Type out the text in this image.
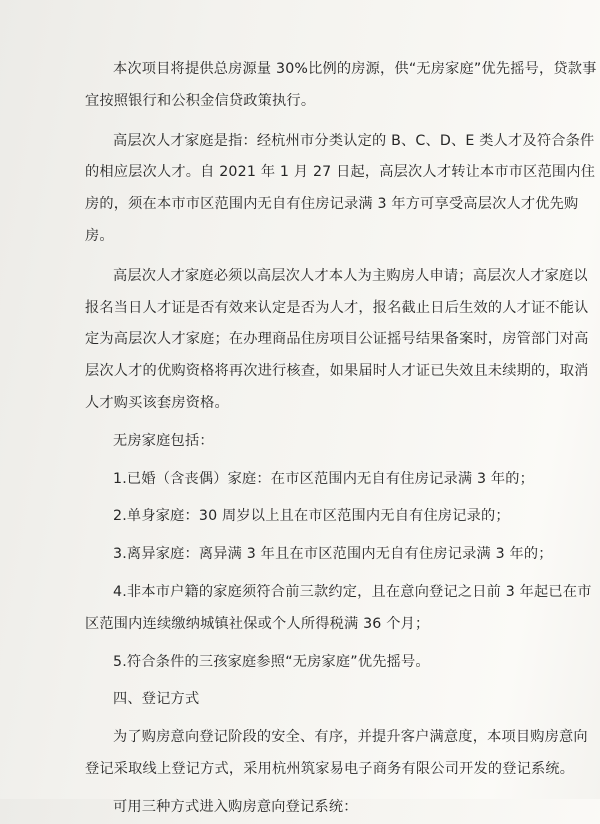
本次项目将提供总房源量 30%比例的房源，供“无房家庭”优先摇号，贷款事
宜按照银行和公积金信贷政策执行。

高层次人才家庭是指：经杭州市分类认定的 B、C、D、E 类人才及符合条件
的相应层次人才。自 2021 年 1 月 27 日起，高层次人才转让本市市区范围内住
房的，须在本市市区范围内无自有住房记录满 3 年方可享受高层次人才优先购
房。

高层次人才家庭必须以高层次人才本人为主购房人申请；高层次人才家庭以
报名当日人才证是否有效来认定是否为人才，报名截止日后生效的人才证不能认
定为高层次人才家庭；在办理商品住房项目公证摇号结果备案时，房管部门对高
层次人才的优购资格将再次进行核查，如果届时人才证已失效且未续期的，取消
人才购买该套房资格。

无房家庭包括：

1.已婚（含丧偶）家庭：在市区范围内无自有住房记录满 3 年的；

2.单身家庭：30 周岁以上且在市区范围内无自有住房记录的；

3.离异家庭：离异满 3 年且在市区范围内无自有住房记录满 3 年的；

4.非本市户籍的家庭须符合前三款约定，且在意向登记之日前 3 年起已在市
区范围内连续缴纳城镇社保或个人所得税满 36 个月；

5.符合条件的三孩家庭参照“无房家庭”优先摇号。

四、登记方式

为了购房意向登记阶段的安全、有序，并提升客户满意度，本项目购房意向
登记采取线上登记方式，采用杭州筑家易电子商务有限公司开发的登记系统。

可用三种方式进入购房意向登记系统：
